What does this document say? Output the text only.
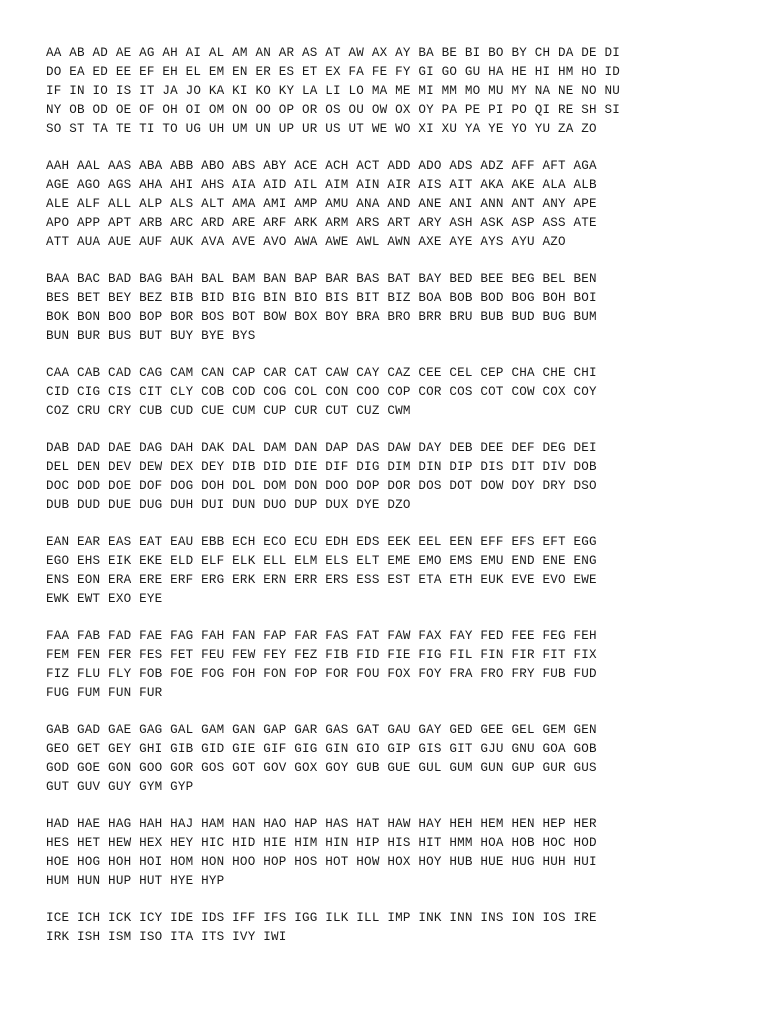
AA AB AD AE AG AH AI AL AM AN AR AS AT AW AX AY BA BE BI BO BY CH DA DE DI
DO EA ED EE EF EH EL EM EN ER ES ET EX FA FE FY GI GO GU HA HE HI HM HO ID
IF IN IO IS IT JA JO KA KI KO KY LA LI LO MA ME MI MM MO MU MY NA NE NO NU
NY OB OD OE OF OH OI OM ON OO OP OR OS OU OW OX OY PA PE PI PO QI RE SH SI
SO ST TA TE TI TO UG UH UM UN UP UR US UT WE WO XI XU YA YE YO YU ZA ZO
AAH AAL AAS ABA ABB ABO ABS ABY ACE ACH ACT ADD ADO ADS ADZ AFF AFT AGA
AGE AGO AGS AHA AHI AHS AIA AID AIL AIM AIN AIR AIS AIT AKA AKE ALA ALB
ALE ALF ALL ALP ALS ALT AMA AMI AMP AMU ANA AND ANE ANI ANN ANT ANY APE
APO APP APT ARB ARC ARD ARE ARF ARK ARM ARS ART ARY ASH ASK ASP ASS ATE
ATT AUA AUE AUF AUK AVA AVE AVO AWA AWE AWL AWN AXE AYE AYS AYU AZO
BAA BAC BAD BAG BAH BAL BAM BAN BAP BAR BAS BAT BAY BED BEE BEG BEL BEN
BES BET BEY BEZ BIB BID BIG BIN BIO BIS BIT BIZ BOA BOB BOD BOG BOH BOI
BOK BON BOO BOP BOR BOS BOT BOW BOX BOY BRA BRO BRR BRU BUB BUD BUG BUM
BUN BUR BUS BUT BUY BYE BYS
CAA CAB CAD CAG CAM CAN CAP CAR CAT CAW CAY CAZ CEE CEL CEP CHA CHE CHI
CID CIG CIS CIT CLY COB COD COG COL CON COO COP COR COS COT COW COX COY
COZ CRU CRY CUB CUD CUE CUM CUP CUR CUT CUZ CWM
DAB DAD DAE DAG DAH DAK DAL DAM DAN DAP DAS DAW DAY DEB DEE DEF DEG DEI
DEL DEN DEV DEW DEX DEY DIB DID DIE DIF DIG DIM DIN DIP DIS DIT DIV DOB
DOC DOD DOE DOF DOG DOH DOL DOM DON DOO DOP DOR DOS DOT DOW DOY DRY DSO
DUB DUD DUE DUG DUH DUI DUN DUO DUP DUX DYE DZO
EAN EAR EAS EAT EAU EBB ECH ECO ECU EDH EDS EEK EEL EEN EFF EFS EFT EGG
EGO EHS EIK EKE ELD ELF ELK ELL ELM ELS ELT EME EMO EMS EMU END ENE ENG
ENS EON ERA ERE ERF ERG ERK ERN ERR ERS ESS EST ETA ETH EUK EVE EVO EWE
EWK EWT EXO EYE
FAA FAB FAD FAE FAG FAH FAN FAP FAR FAS FAT FAW FAX FAY FED FEE FEG FEH
FEM FEN FER FES FET FEU FEW FEY FEZ FIB FID FIE FIG FIL FIN FIR FIT FIX
FIZ FLU FLY FOB FOE FOG FOH FON FOP FOR FOU FOX FOY FRA FRO FRY FUB FUD
FUG FUM FUN FUR
GAB GAD GAE GAG GAL GAM GAN GAP GAR GAS GAT GAU GAY GED GEE GEL GEM GEN
GEO GET GEY GHI GIB GID GIE GIF GIG GIN GIO GIP GIS GIT GJU GNU GOA GOB
GOD GOE GON GOO GOR GOS GOT GOV GOX GOY GUB GUE GUL GUM GUN GUP GUR GUS
GUT GUV GUY GYM GYP
HAD HAE HAG HAH HAJ HAM HAN HAO HAP HAS HAT HAW HAY HEH HEM HEN HEP HER
HES HET HEW HEX HEY HIC HID HIE HIM HIN HIP HIS HIT HMM HOA HOB HOC HOD
HOE HOG HOH HOI HOM HON HOO HOP HOS HOT HOW HOX HOY HUB HUE HUG HUH HUI
HUM HUN HUP HUT HYE HYP
ICE ICH ICK ICY IDE IDS IFF IFS IGG ILK ILL IMP INK INN INS ION IOS IRE
IRK ISH ISM ISO ITA ITS IVY IWI
